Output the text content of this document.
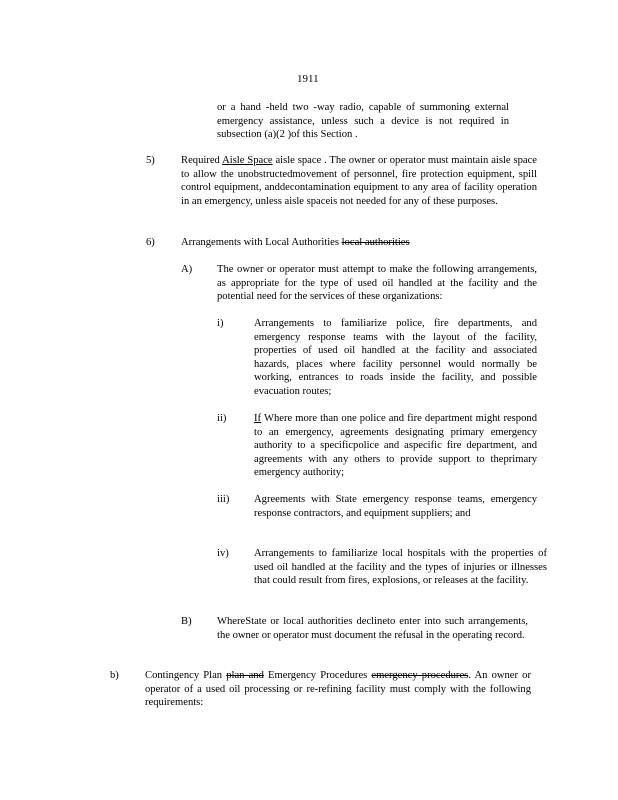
1911
or a hand -held two -way radio, capable of summoning external emergency assistance, unless such a device is not required in subsection (a)(2 )of this Section .
5) Required Aisle Space aisle space . The owner or operator must maintain aisle space to allow the unobstructedmovement of personnel, fire protection equipment, spill control equipment, anddecontamination equipment to any area of facility operation in an emergency, unless aisle spaceis not needed for any of these purposes.
6) Arrangements with Local Authorities local authorities
A) The owner or operator must attempt to make the following arrangements, as appropriate for the type of used oil handled at the facility and the potential need for the services of these organizations:
i)	Arrangements to familiarize police, fire departments, and emergency response teams with the layout of the facility, properties of used oil handled at the facility and associated hazards, places where facility personnel would normally be working, entrances to roads inside the facility, and possible evacuation routes;
ii)	If Where more than one police and fire department might respond to an emergency, agreements designating primary emergency authority to a specificpolice and aspecific fire department, and agreements with any others to provide support to theprimary emergency authority;
iii) Agreements with State emergency response teams, emergency response contractors, and equipment suppliers; and
iv) Arrangements to familiarize local hospitals with the properties of used oil handled at the facility and the types of injuries or illnesses that could result from fires, explosions, or releases at the facility.
B) WhereState or local authorities declineto enter into such arrangements, the owner or operator must document the refusal in the operating record.
b) Contingency Plan plan and Emergency Procedures emergency procedures. An owner or operator of a used oil processing or re-refining facility must comply with the following requirements:
